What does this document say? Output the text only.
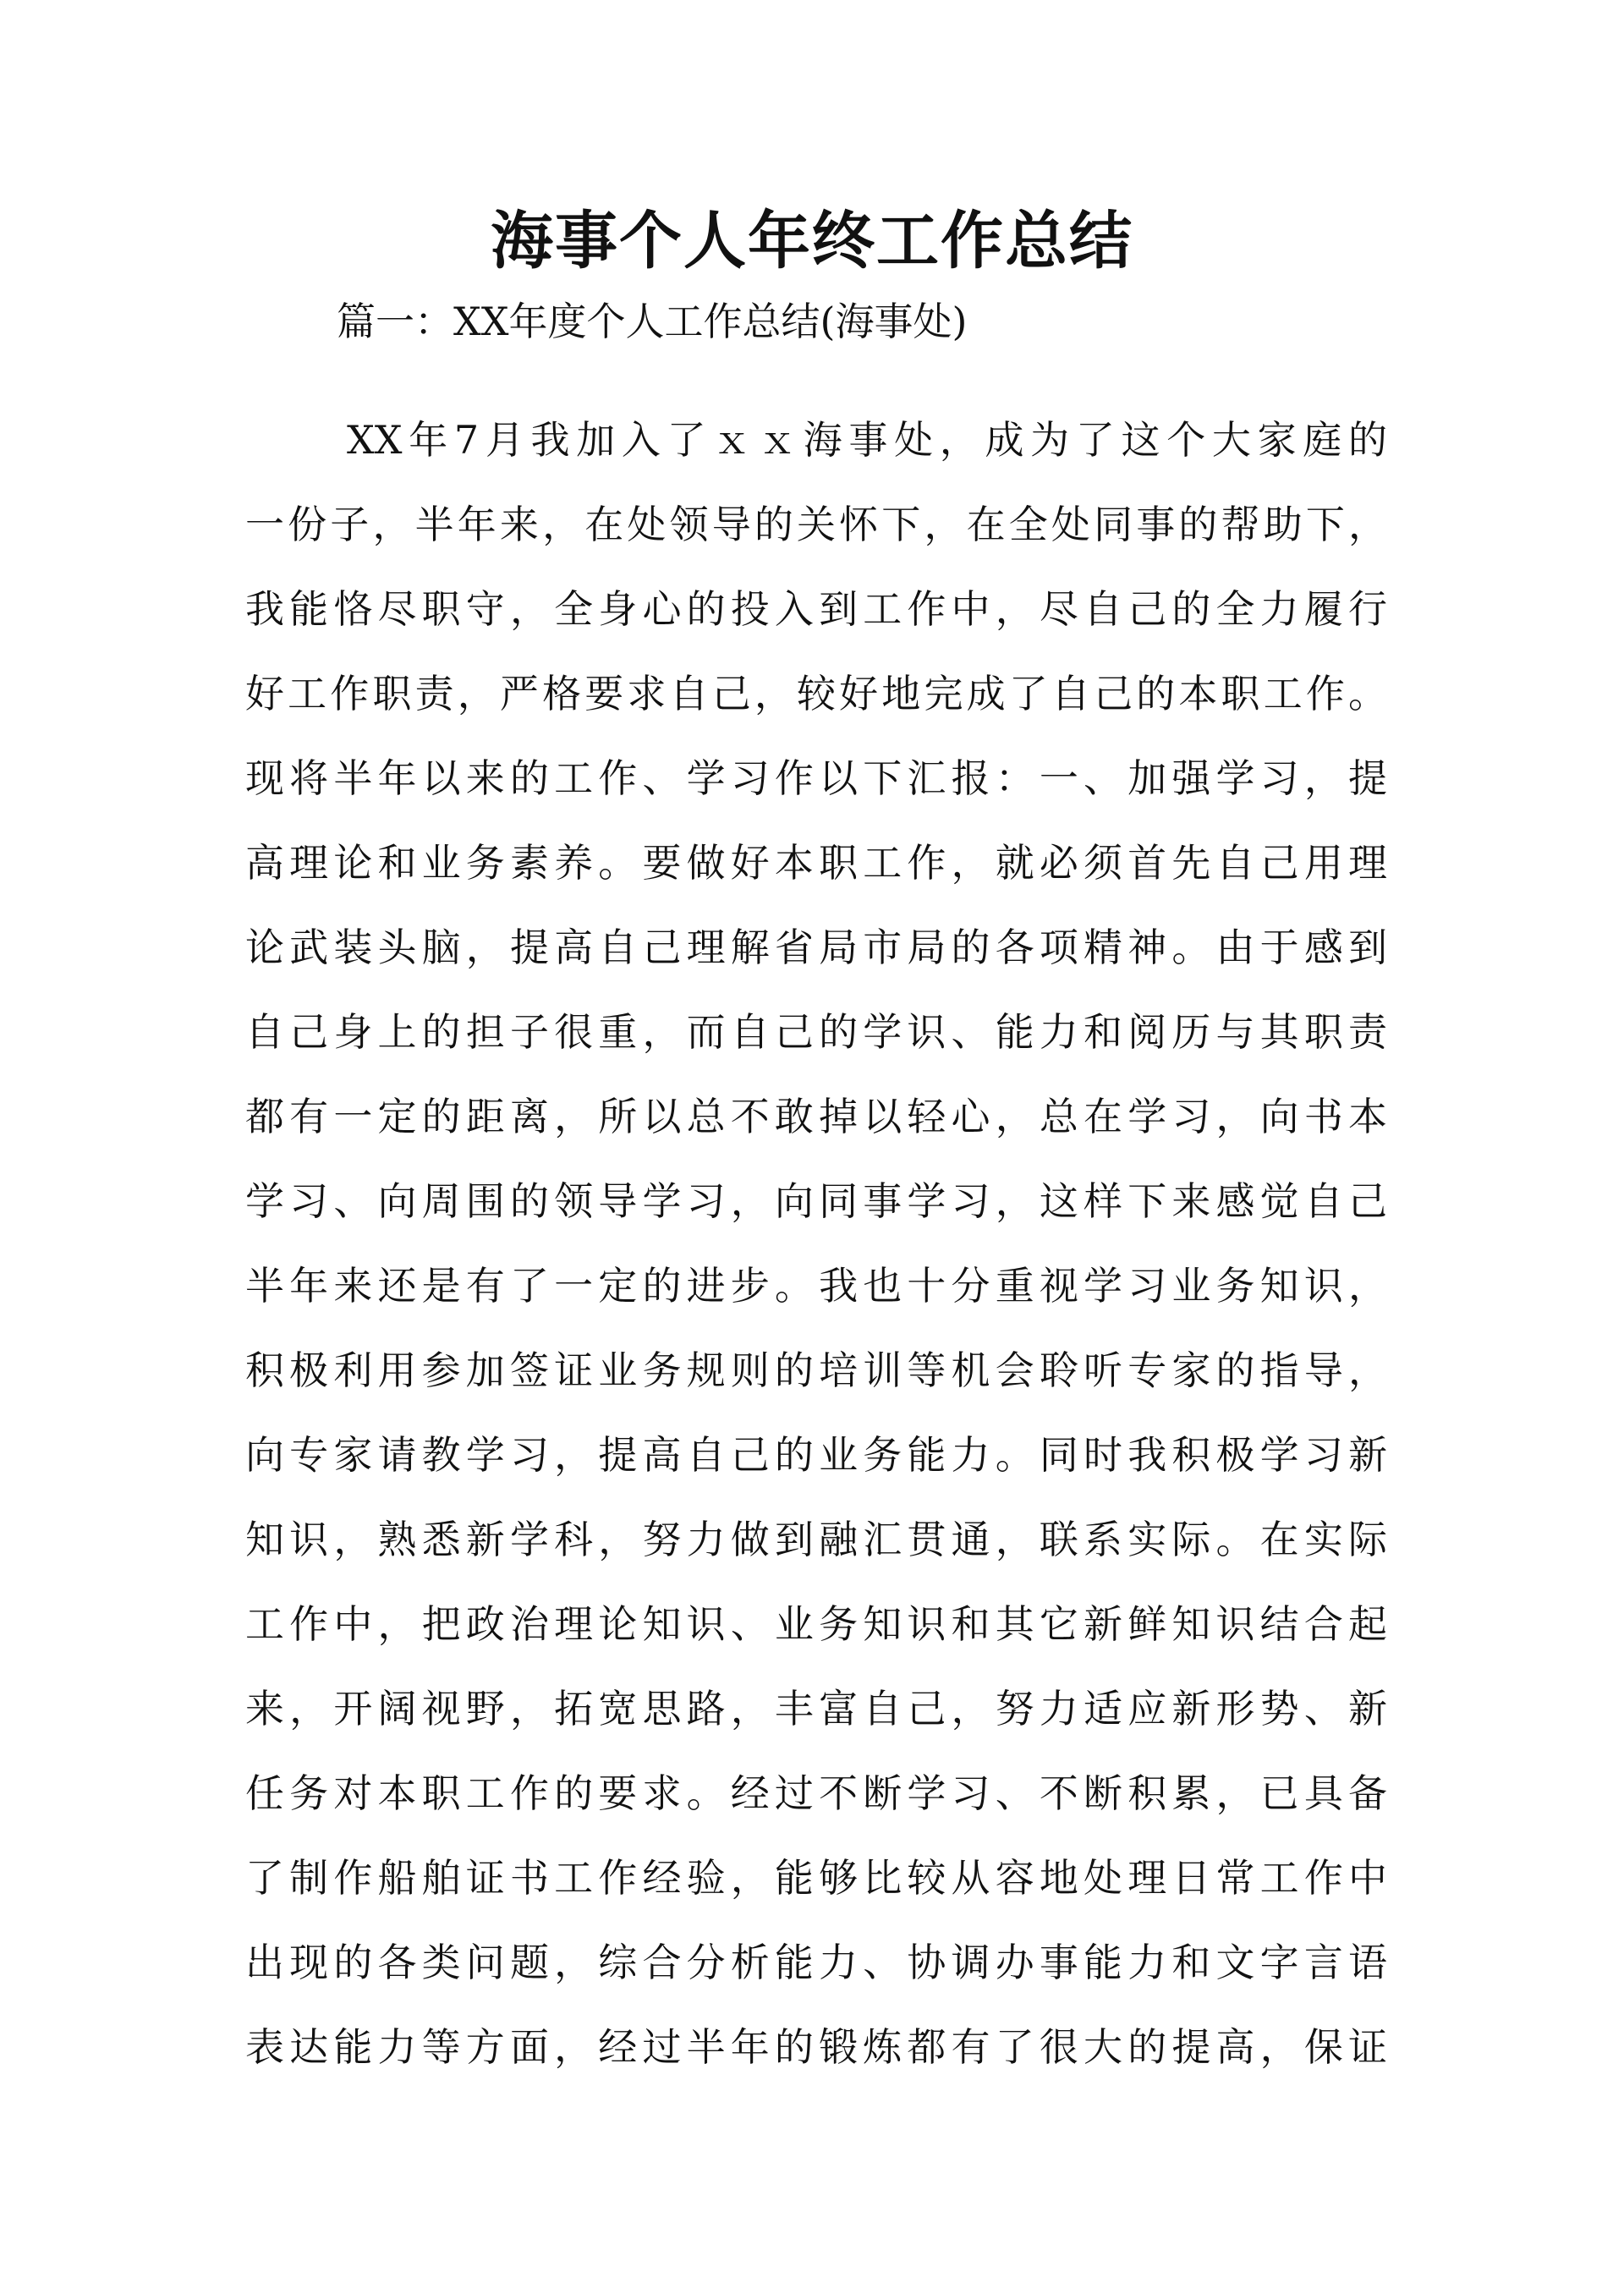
海事个人年终工作总结

篇一：XX年度个人工作总结(海事处)

XX年7月我加入了ｘｘ海事处，成为了这个大家庭的
一份子，半年来，在处领导的关怀下，在全处同事的帮助下，
我能恪尽职守，全身心的投入到工作中，尽自己的全力履行
好工作职责，严格要求自己，较好地完成了自己的本职工作。
现将半年以来的工作、学习作以下汇报：一、加强学习，提
高理论和业务素养。要做好本职工作，就必须首先自己用理
论武装头脑，提高自己理解省局市局的各项精神。由于感到
自己身上的担子很重，而自己的学识、能力和阅历与其职责
都有一定的距离，所以总不敢掉以轻心，总在学习，向书本
学习、向周围的领导学习，向同事学习，这样下来感觉自己
半年来还是有了一定的进步。我也十分重视学习业务知识，
积极利用参加签证业务规则的培训等机会聆听专家的指导，
向专家请教学习，提高自己的业务能力。同时我积极学习新
知识，熟悉新学科，努力做到融汇贯通，联系实际。在实际
工作中，把政治理论知识、业务知识和其它新鲜知识结合起
来，开阔视野，拓宽思路，丰富自己，努力适应新形势、新
任务对本职工作的要求。经过不断学习、不断积累，已具备
了制作船舶证书工作经验，能够比较从容地处理日常工作中
出现的各类问题，综合分析能力、协调办事能力和文字言语
表达能力等方面，经过半年的锻炼都有了很大的提高，保证
